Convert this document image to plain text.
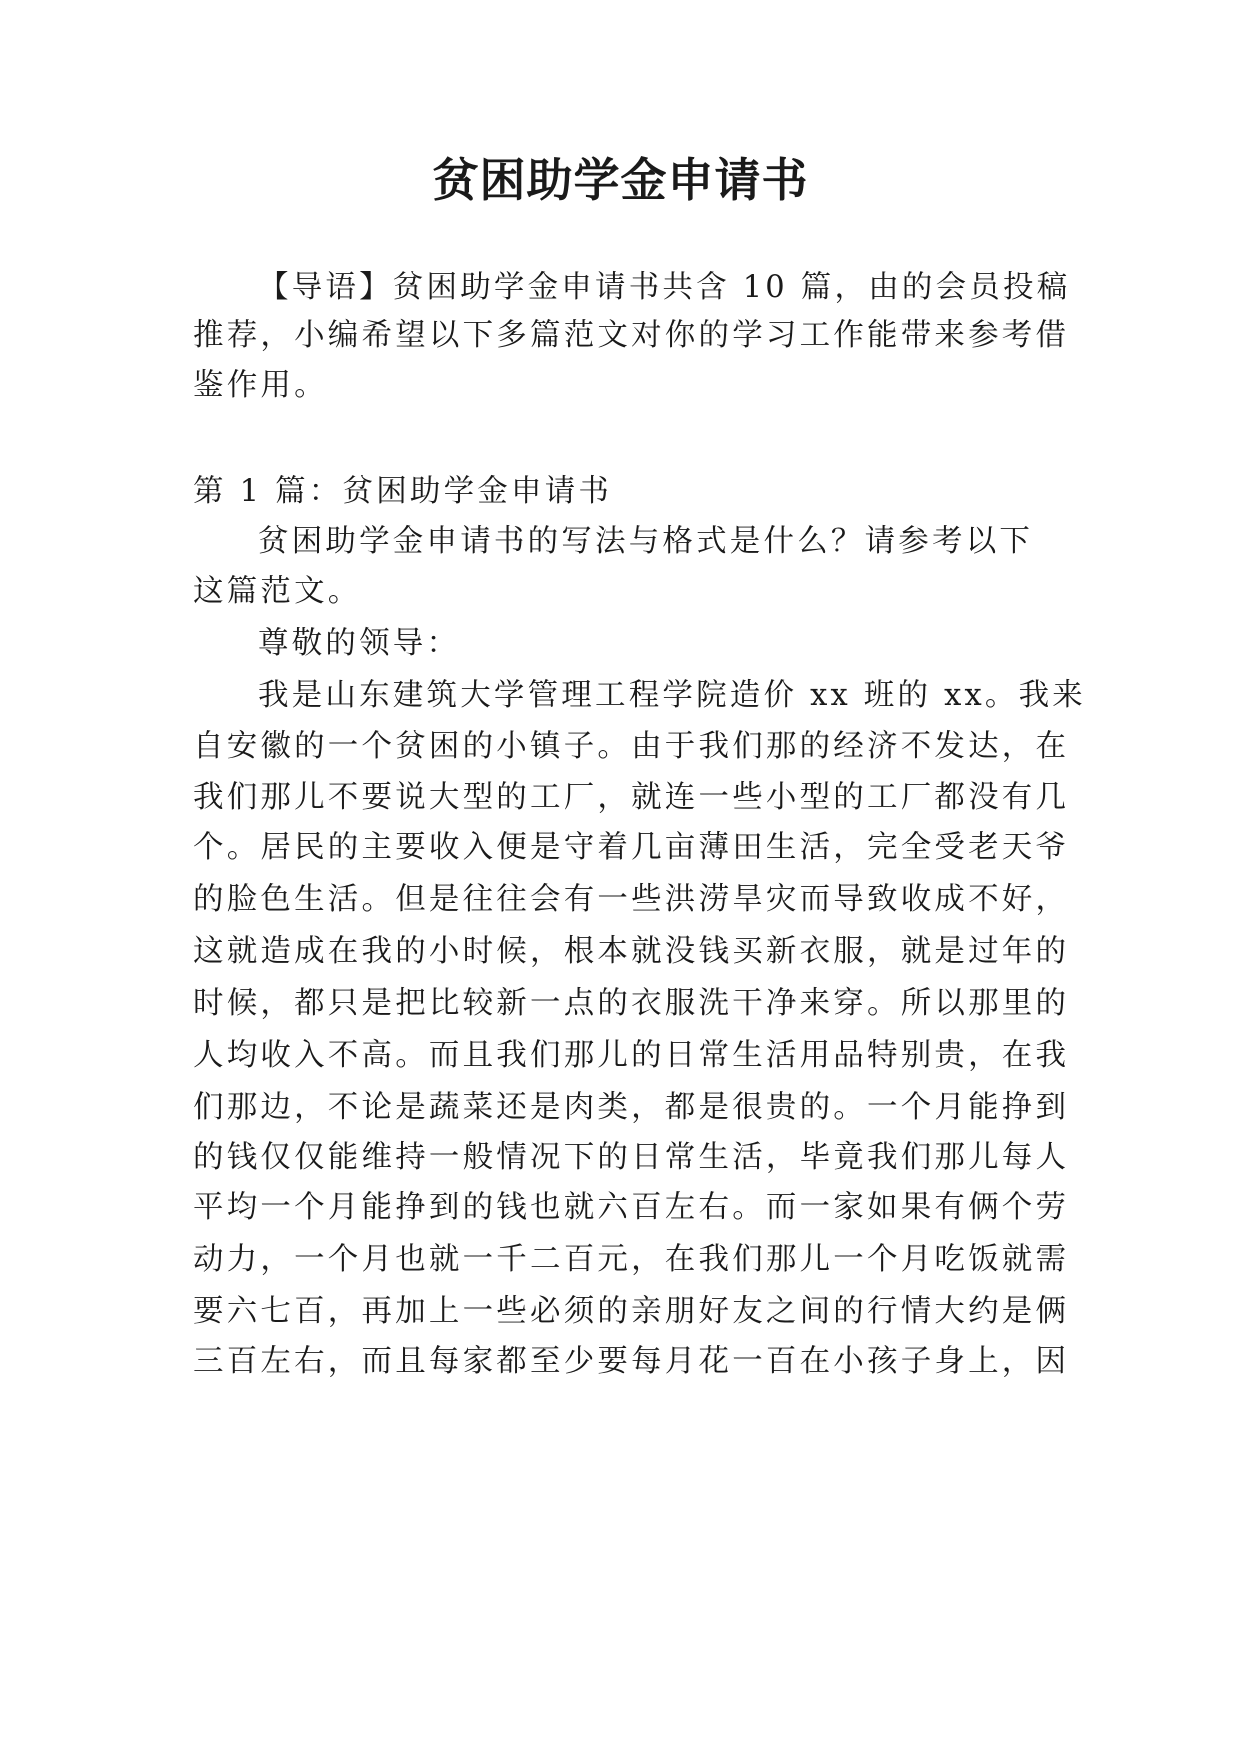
贫困助学金申请书

【导语】贫困助学金申请书共含 10 篇，由的会员投稿

推荐，小编希望以下多篇范文对你的学习工作能带来参考借

鉴作用。

第 1 篇：贫困助学金申请书

贫困助学金申请书的写法与格式是什么？请参考以下

这篇范文。

尊敬的领导：

我是山东建筑大学管理工程学院造价 xx 班的 xx。我来

自安徽的一个贫困的小镇子。由于我们那的经济不发达，在

我们那儿不要说大型的工厂，就连一些小型的工厂都没有几

个。居民的主要收入便是守着几亩薄田生活，完全受老天爷

的脸色生活。但是往往会有一些洪涝旱灾而导致收成不好，

这就造成在我的小时候，根本就没钱买新衣服，就是过年的

时候，都只是把比较新一点的衣服洗干净来穿。所以那里的

人均收入不高。而且我们那儿的日常生活用品特别贵，在我

们那边，不论是蔬菜还是肉类，都是很贵的。一个月能挣到

的钱仅仅能维持一般情况下的日常生活，毕竟我们那儿每人

平均一个月能挣到的钱也就六百左右。而一家如果有俩个劳

动力，一个月也就一千二百元，在我们那儿一个月吃饭就需

要六七百，再加上一些必须的亲朋好友之间的行情大约是俩

三百左右，而且每家都至少要每月花一百在小孩子身上，因
